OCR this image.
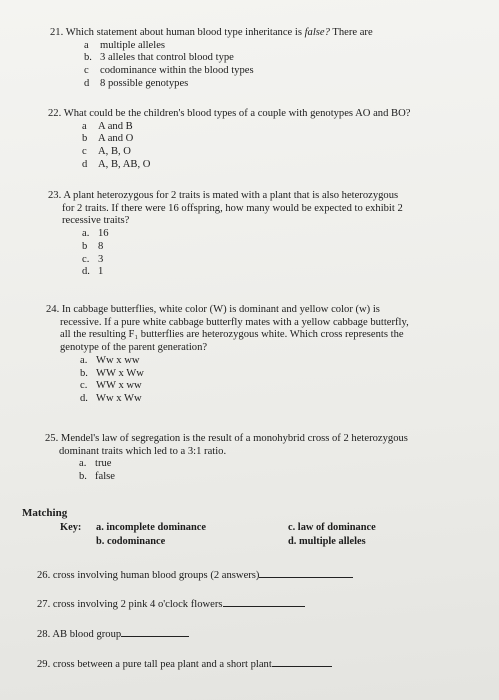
21. Which statement about human blood type inheritance is false? There are
a multiple alleles
b. 3 alleles that control blood type
c codominance within the blood types
d 8 possible genotypes
22. What could be the children's blood types of a couple with genotypes AO and BO?
a A and B
b A and O
c A, B, O
d A, B, AB, O
23. A plant heterozygous for 2 traits is mated with a plant that is also heterozygous
for 2 traits. If there were 16 offspring, how many would be expected to exhibit 2
recessive traits?
a. 16
b 8
c. 3
d. 1
24. In cabbage butterflies, white color (W) is dominant and yellow color (w) is
recessive. If a pure white cabbage butterfly mates with a yellow cabbage butterfly,
all the resulting F₁ butterflies are heterozygous white. Which cross represents the
genotype of the parent generation?
a. Ww x ww
b. WW x Ww
c. WW x ww
d. Ww x Ww
25. Mendel's law of segregation is the result of a monohybrid cross of 2 heterozygous
dominant traits which led to a 3:1 ratio.
a. true
b. false
Matching
Key: a. incomplete dominance
b. codominance
c. law of dominance
d. multiple alleles
26. cross involving human blood groups (2 answers)
27. cross involving 2 pink 4 o'clock flowers
28. AB blood group
29. cross between a pure tall pea plant and a short plant
